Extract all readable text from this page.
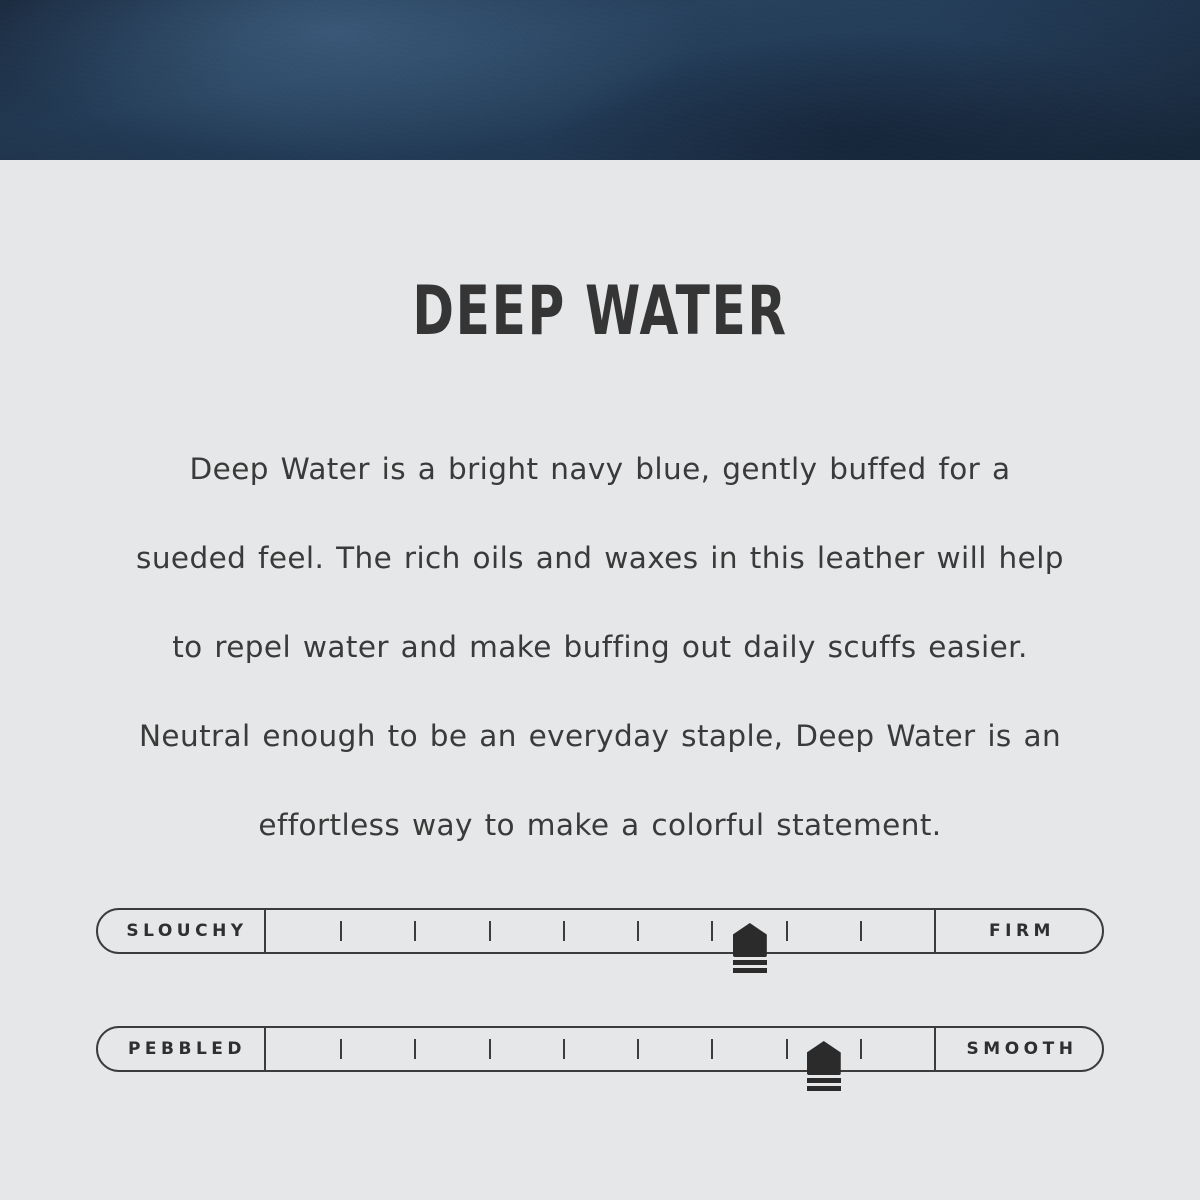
DEEP WATER
Deep Water is a bright navy blue, gently buffed for a sueded feel. The rich oils and waxes in this leather will help to repel water and make buffing out daily scuffs easier. Neutral enough to be an everyday staple, Deep Water is an effortless way to make a colorful statement.
SLOUCHY	FIRM
PEBBLED	SMOOTH
